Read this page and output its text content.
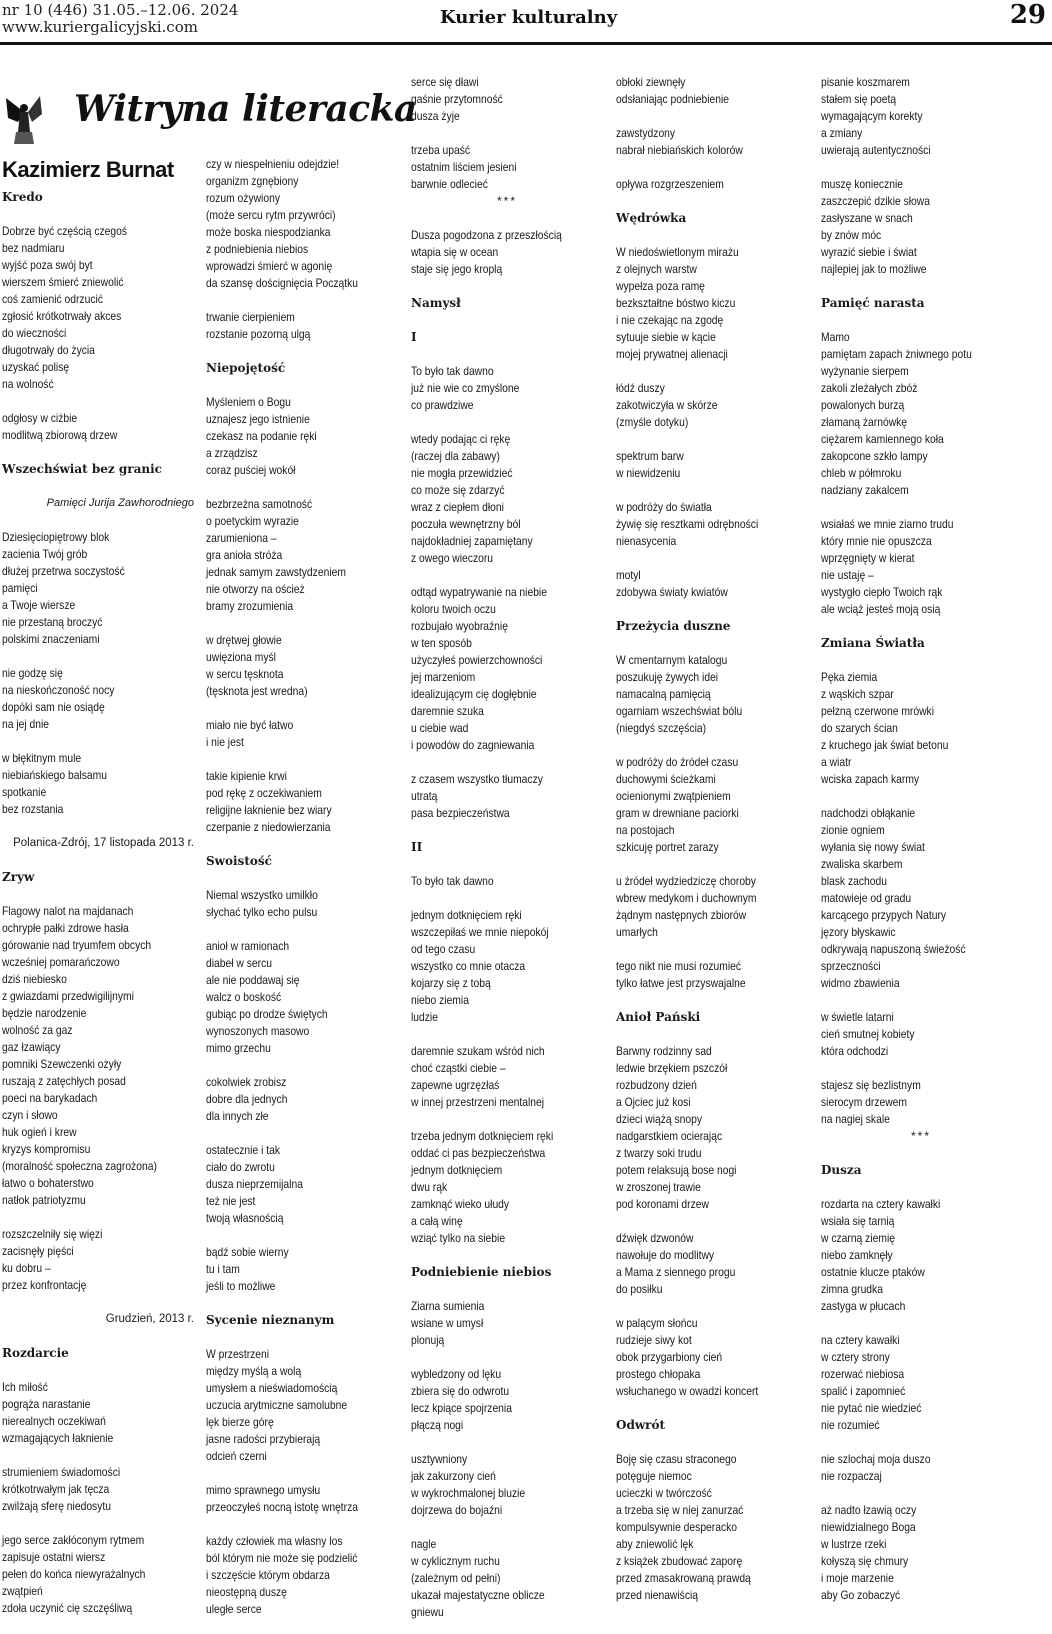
nr 10 (446) 31.05.–12.06. 2024
www.kuriergalicyjski.com	Kurier kulturalny	29
Witryna literacka
Kazimierz Burnat

Kredo

Dobrze być częścią czegoś

bez nadmiaru

wyjść poza swój byt

wierszem śmierć zniewolić

coś zamienić odrzucić

zgłosić krótkotrwały akces

do wieczności

długotrwały do życia

uzyskać polisę

na wolność

odgłosy w ciżbie

modlitwą zbiorową drzew

Wszechświat bez granic

Pamięci Jurija Zawhorodniego

Dziesięciopiętrowy blok

zacienia Twój grób

dłużej przetrwa soczystość

pamięci

a Twoje wiersze

nie przestaną broczyć

polskimi znaczeniami

nie godzę się

na nieskończoność nocy

dopóki sam nie osiądę

na jej dnie

w błękitnym mule

niebiańskiego balsamu

spotkanie

bez rozstania

Polanica-Zdrój, 17 listopada 2013 r.

Zryw

Flagowy nalot na majdanach

ochrypłe pałki zdrowe hasła

górowanie nad tryumfem obcych

wcześniej pomarańczowo

dziś niebiesko

z gwiazdami przedwigilijnymi

będzie narodzenie

wolność za gaz

gaz łzawiący

pomniki Szewczenki ożyły

ruszają z zatęchłych posad

poeci na barykadach

czyn i słowo

huk ogień i krew

kryzys kompromisu

(moralność społeczna zagrożona)

łatwo o bohaterstwo

natłok patriotyzmu

rozszczelniły się więzi

zacisnęły pięści

ku dobru –

przez konfrontację

Grudzień, 2013 r.

Rozdarcie

Ich miłość

pogrąża narastanie

nierealnych oczekiwań

wzmagających łaknienie

strumieniem świadomości

krótkotrwałym jak tęcza

zwilżają sferę niedosytu

jego serce zakłóconym rytmem

zapisuje ostatni wiersz

pełen do końca niewyrażalnych

zwątpień

zdoła uczynić cię szczęśliwą

czy w niespełnieniu odejdzie!

organizm zgnębiony

rozum ożywiony

(może sercu rytm przywróci)

może boska niespodzianka

z podniebienia niebios

wprowadzi śmierć w agonię

da szansę doścignięcia Początku

trwanie cierpieniem

rozstanie pozorną ulgą

Niepojętość

Myśleniem o Bogu

uznajesz jego istnienie

czekasz na podanie ręki

a zrządzisz

coraz puściej wokół

bezbrzeżna samotność

o poetyckim wyrazie

zarumieniona –

gra anioła stróża

jednak samym zawstydzeniem

nie otworzy na oścież

bramy zrozumienia

w drętwej głowie

uwięziona myśl

w sercu tęsknota

(tęsknota jest wredna)

miało nie być łatwo

i nie jest

takie kipienie krwi

pod rękę z oczekiwaniem

religijne łaknienie bez wiary

czerpanie z niedowierzania

Swoistość

Niemal wszystko umilkło

słychać tylko echo pulsu

anioł w ramionach

diabeł w sercu

ale nie poddawaj się

walcz o boskość

gubiąc po drodze świętych

wynoszonych masowo

mimo grzechu

cokolwiek zrobisz

dobre dla jednych

dla innych złe

ostatecznie i tak

ciało do zwrotu

dusza nieprzemijalna

też nie jest

twoją własnością

bądź sobie wierny

tu i tam

jeśli to możliwe

Sycenie nieznanym

W przestrzeni

między myślą a wolą

umysłem a nieświadomością

uczucia arytmiczne samolubne

lęk bierze górę

jasne radości przybierają

odcień czerni

mimo sprawnego umysłu

przeoczyłeś nocną istotę wnętrza

każdy człowiek ma własny los

ból którym nie może się podzielić

i szczęście którym obdarza

nieostępną duszę

uległe serce

serce się dławi

gaśnie przytomność

dusza żyje

trzeba upaść

ostatnim liściem jesieni

barwnie odlecieć

***

Dusza pogodzona z przeszłością

wtapia się w ocean

staje się jego kroplą

Namysł

I

To było tak dawno

już nie wie co zmyślone

co prawdziwe

wtedy podając ci rękę

(raczej dla zabawy)

nie mogła przewidzieć

co może się zdarzyć

wraz z ciepłem dłoni

poczuła wewnętrzny ból

najdokładniej zapamiętany

z owego wieczoru

odtąd wypatrywanie na niebie

koloru twoich oczu

rozbujało wyobraźnię

w ten sposób

użyczyłeś powierzchowności

jej marzeniom

idealizującym cię dogłębnie

daremnie szuka

u ciebie wad

i powodów do zagniewania

z czasem wszystko tłumaczy

utratą

pasa bezpieczeństwa

II

To było tak dawno

jednym dotknięciem ręki

wszczepiłaś we mnie niepokój

od tego czasu

wszystko co mnie otacza

kojarzy się z tobą

niebo ziemia

ludzie

daremnie szukam wśród nich

choć cząstki ciebie –

zapewne ugrzęzłaś

w innej przestrzeni mentalnej

trzeba jednym dotknięciem ręki

oddać ci pas bezpieczeństwa

jednym dotknięciem

dwu rąk

zamknąć wieko ułudy

a całą winę

wziąć tylko na siebie

Podniebienie niebios

Ziarna sumienia

wsiane w umysł

plonują

wybledzony od lęku

zbiera się do odwrotu

lecz kpiące spojrzenia

płączą nogi

usztywniony

jak zakurzony cień

w wykrochmalonej bluzie

dojrzewa do bojaźni

nagle

w cyklicznym ruchu

(zależnym od pełni)

ukazał majestatyczne oblicze

gniewu

obłoki ziewnęły

odsłaniając podniebienie

zawstydzony

nabrał niebiańskich kolorów

opływa rozgrzeszeniem

Wędrówka

W niedoświetlonym mirażu

z olejnych warstw

wypełza poza ramę

bezkształtne bóstwo kiczu

i nie czekając na zgodę

sytuuje siebie w kącie

mojej prywatnej alienacji

łódź duszy

zakotwiczyła w skórze

(zmyśle dotyku)

spektrum barw

w niewidzeniu

w podróży do światła

żywię się resztkami odrębności

nienasycenia

motyl

zdobywa światy kwiatów

Przeżycia duszne

W cmentarnym katalogu

poszukuję żywych idei

namacalną pamięcią

ogarniam wszechświat bólu

(niegdyś szczęścia)

w podróży do źródeł czasu

duchowymi ścieżkami

ocienionymi zwątpieniem

gram w drewniane paciorki

na postojach

szkicuję portret zarazy

u źródeł wydziedziczę choroby

wbrew medykom i duchownym

żądnym następnych zbiorów

umarłych

tego nikt nie musi rozumieć

tylko łatwe jest przyswajalne

Anioł Pański

Barwny rodzinny sad

ledwie brzękiem pszczół

rozbudzony dzień

a Ojciec już kosi

dzieci wiążą snopy

nadgarstkiem ocierając

z twarzy soki trudu

potem relaksują bose nogi

w zroszonej trawie

pod koronami drzew

dźwięk dzwonów

nawołuje do modlitwy

a Mama z siennego progu

do posiłku

w palącym słońcu

rudzieje siwy kot

obok przygarbiony cień

prostego chłopaka

wsłuchanego w owadzi koncert

Odwrót

Boję się czasu straconego

potęguje niemoc

ucieczki w twórczość

a trzeba się w niej zanurzać

kompulsywnie desperacko

aby zniewolić lęk

z książek zbudować zaporę

przed zmasakrowaną prawdą

przed nienawiścią

pisanie koszmarem

stałem się poetą

wymagającym korekty

a zmiany

uwierają autentyczności

muszę koniecznie

zaszczepić dzikie słowa

zasłyszane w snach

by znów móc

wyrazić siebie i świat

najlepiej jak to możliwe

Pamięć narasta

Mamo

pamiętam zapach żniwnego potu

wyżynanie sierpem

zakoli zleżałych zbóż

powalonych burzą

złamaną żarnówkę

ciężarem kamiennego koła

zakopcone szkło lampy

chleb w półmroku

nadziany zakalcem

wsiałaś we mnie ziarno trudu

który mnie nie opuszcza

wprzęgnięty w kierat

nie ustaję –

wystygło ciepło Twoich rąk

ale wciąż jesteś moją osią

Zmiana Światła

Pęka ziemia

z wąskich szpar

pełzną czerwone mrówki

do szarych ścian

z kruchego jak świat betonu

a wiatr

wciska zapach karmy

nadchodzi obłąkanie

zionie ogniem

wyłania się nowy świat

zwaliska skarbem

blask zachodu

matowieje od gradu

karcącego przypych Natury

jęzory błyskawic

odkrywają napuszoną świeżość

sprzeczności

widmo zbawienia

w świetle latarni

cień smutnej kobiety

która odchodzi

stajesz się bezlistnym

sierocym drzewem

na nagiej skale

***

Dusza

rozdarta na cztery kawałki

wsiała się tarnią

w czarną ziemię

niebo zamknęły

ostatnie klucze ptaków

zimna grudka

zastyga w płucach

na cztery kawałki

w cztery strony

rozerwać niebiosa

spalić i zapomnieć

nie pytać nie wiedzieć

nie rozumieć

nie szlochaj moja duszo

nie rozpaczaj

aż nadto łzawią oczy

niewidzialnego Boga

w lustrze rzeki

kołyszą się chmury

i moje marzenie

aby Go zobaczyć
